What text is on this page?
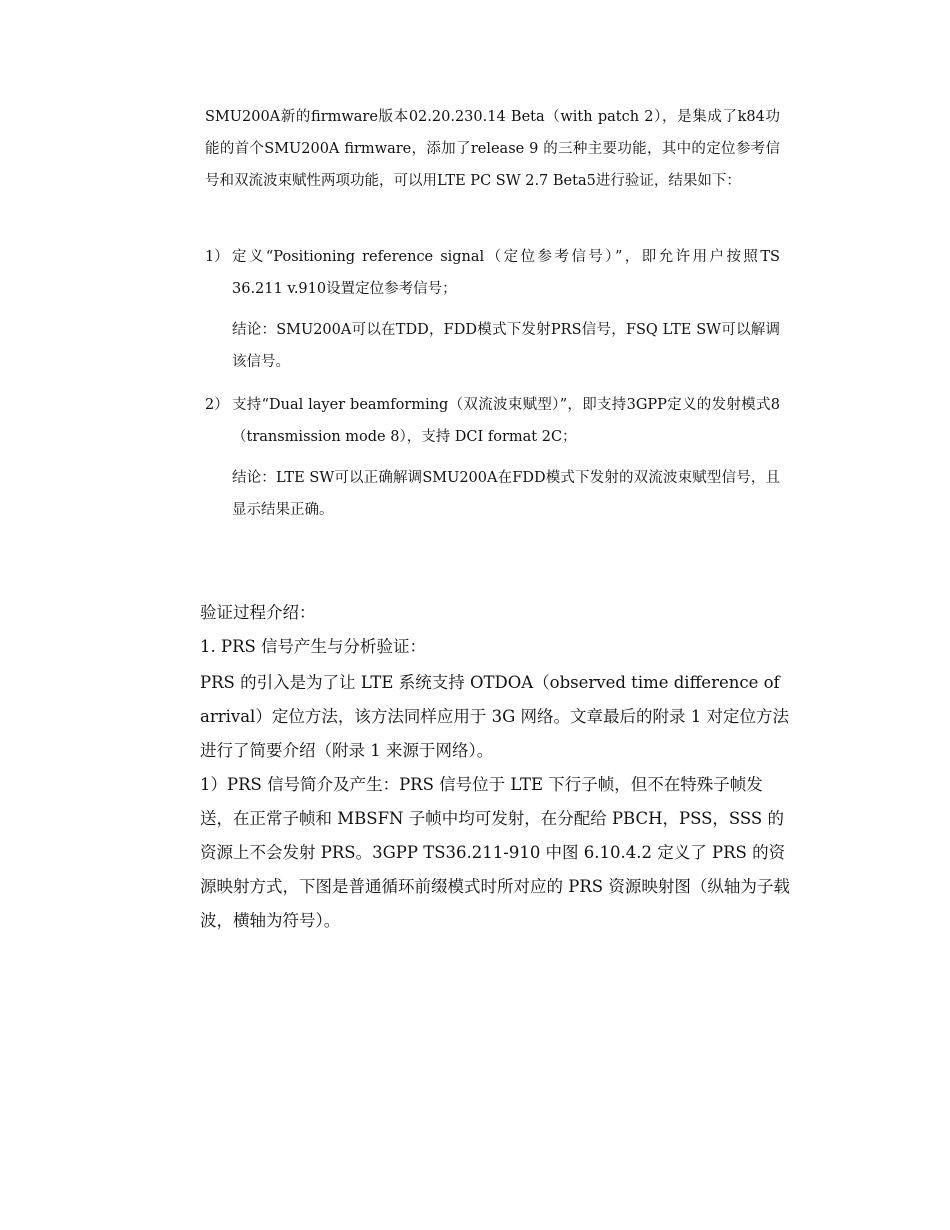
SMU200A新的firmware版本02.20.230.14 Beta（with patch 2），是集成了k84功能的首个SMU200A firmware，添加了release 9 的三种主要功能，其中的定位参考信号和双流波束赋性两项功能，可以用LTE PC SW 2.7 Beta5进行验证，结果如下：

1） 定义“Positioning reference signal（定位参考信号）”，即允许用户按照TS 36.211 v.910设置定位参考信号；

结论：SMU200A可以在TDD，FDD模式下发射PRS信号，FSQ LTE SW可以解调该信号。

2） 支持“Dual layer beamforming（双流波束赋型）”，即支持3GPP定义的发射模式8（transmission mode 8），支持 DCI format 2C；

结论：LTE SW可以正确解调SMU200A在FDD模式下发射的双流波束赋型信号，且显示结果正确。

验证过程介绍：

1. PRS 信号产生与分析验证：

PRS 的引入是为了让 LTE 系统支持 OTDOA（observed time difference of arrival）定位方法，该方法同样应用于 3G 网络。文章最后的附录 1 对定位方法进行了简要介绍（附录 1 来源于网络）。

1）PRS 信号简介及产生：PRS 信号位于 LTE 下行子帧，但不在特殊子帧发送，在正常子帧和 MBSFN 子帧中均可发射，在分配给 PBCH，PSS，SSS 的资源上不会发射 PRS。3GPP TS36.211-910 中图 6.10.4.2 定义了 PRS 的资源映射方式，下图是普通循环前缀模式时所对应的 PRS 资源映射图（纵轴为子载波，横轴为符号）。
